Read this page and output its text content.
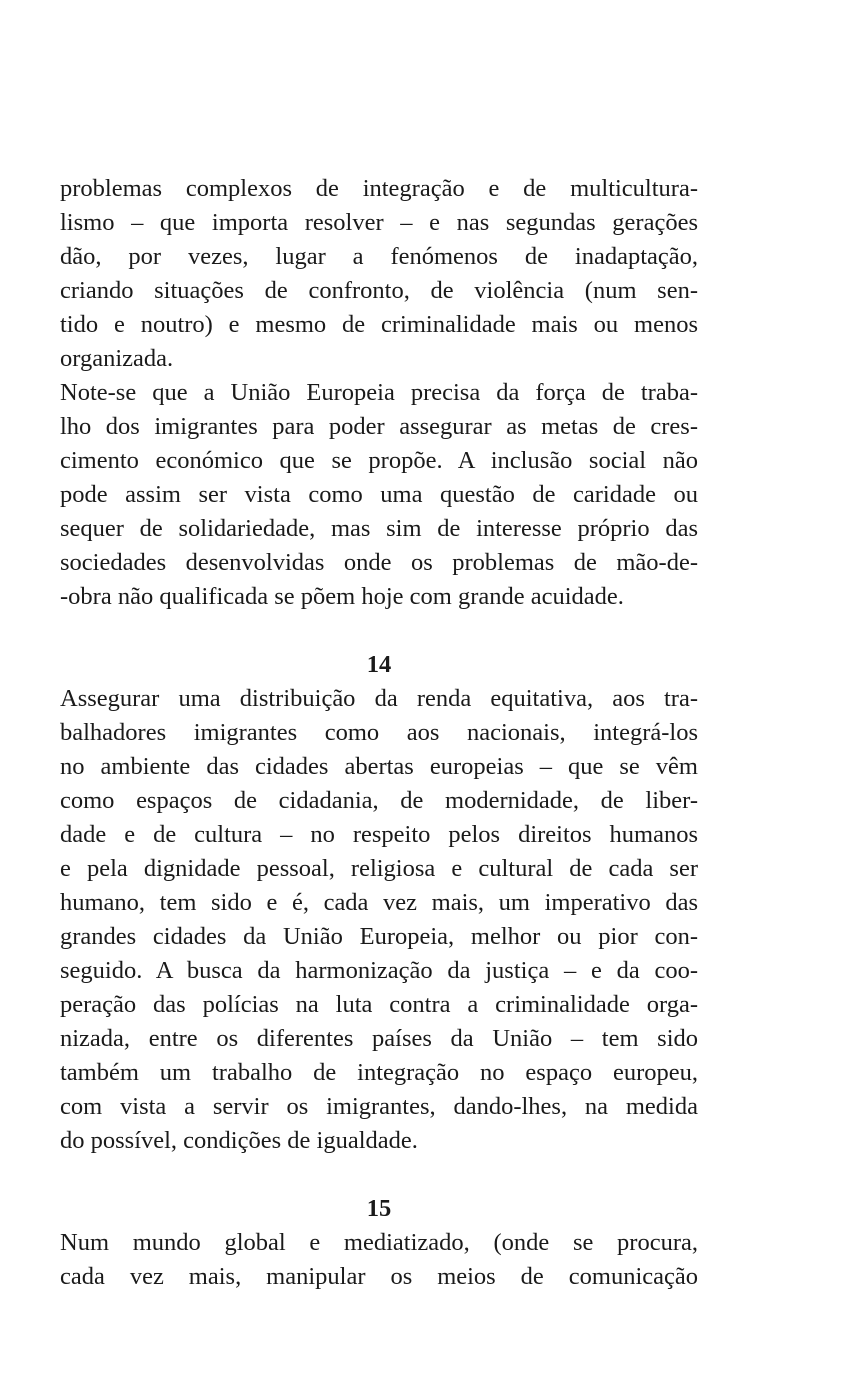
problemas complexos de integração e de multicultura-
lismo – que importa resolver – e nas segundas gerações
dão, por vezes, lugar a fenómenos de inadaptação,
criando situações de confronto, de violência (num sen-
tido e noutro) e mesmo de criminalidade mais ou menos
organizada.
Note-se que a União Europeia precisa da força de traba-
lho dos imigrantes para poder assegurar as metas de cres-
cimento económico que se propõe. A inclusão social não
pode assim ser vista como uma questão de caridade ou
sequer de solidariedade, mas sim de interesse próprio das
sociedades desenvolvidas onde os problemas de mão-de-
-obra não qualificada se põem hoje com grande acuidade.
14
Assegurar uma distribuição da renda equitativa, aos tra-
balhadores imigrantes como aos nacionais, integrá-los
no ambiente das cidades abertas europeias – que se vêm
como espaços de cidadania, de modernidade, de liber-
dade e de cultura – no respeito pelos direitos humanos
e pela dignidade pessoal, religiosa e cultural de cada ser
humano, tem sido e é, cada vez mais, um imperativo das
grandes cidades da União Europeia, melhor ou pior con-
seguido. A busca da harmonização da justiça – e da coo-
peração das polícias na luta contra a criminalidade orga-
nizada, entre os diferentes países da União – tem sido
também um trabalho de integração no espaço europeu,
com vista a servir os imigrantes, dando-lhes, na medida
do possível, condições de igualdade.
15
Num mundo global e mediatizado, (onde se procura,
cada vez mais, manipular os meios de comunicação
